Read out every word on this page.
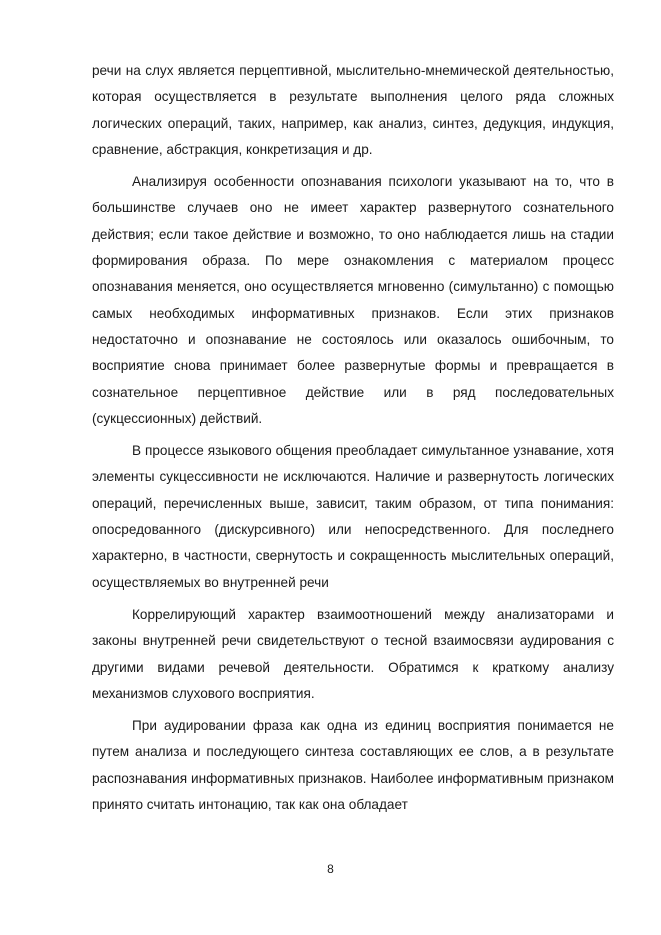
речи на слух является перцептивной, мыслительно-мнемической деятельностью, которая осуществляется в результате выполнения целого ряда сложных логических операций, таких, например, как анализ, синтез, дедукция, индукция, сравнение, абстракция, конкретизация и др.

Анализируя особенности опознавания психологи указывают на то, что в большинстве случаев оно не имеет характер развернутого сознательного действия; если такое действие и возможно, то оно наблюдается лишь на стадии формирования образа. По мере ознакомления с материалом процесс опознавания меняется, оно осуществляется мгновенно (симультанно) с помощью самых необходимых информативных признаков. Если этих признаков недостаточно и опознавание не состоялось или оказалось ошибочным, то восприятие снова принимает более развернутые формы и превращается в сознательное перцептивное действие или в ряд последовательных (сукцессионных) действий.

В процессе языкового общения преобладает симультанное узнавание, хотя элементы сукцессивности не исключаются. Наличие и развернутость логических операций, перечисленных выше, зависит, таким образом, от типа понимания: опосредованного (дискурсивного) или непосредственного. Для последнего характерно, в частности, свернутость и сокращенность мыслительных операций, осуществляемых во внутренней речи

Коррелирующий характер взаимоотношений между анализаторами и законы внутренней речи свидетельствуют о тесной взаимосвязи аудирования с другими видами речевой деятельности. Обратимся к краткому анализу механизмов слухового восприятия.

При аудировании фраза как одна из единиц восприятия понимается не путем анализа и последующего синтеза составляющих ее слов, а в результате распознавания информативных признаков. Наиболее информативным признаком принято считать интонацию, так как она обладает

8
